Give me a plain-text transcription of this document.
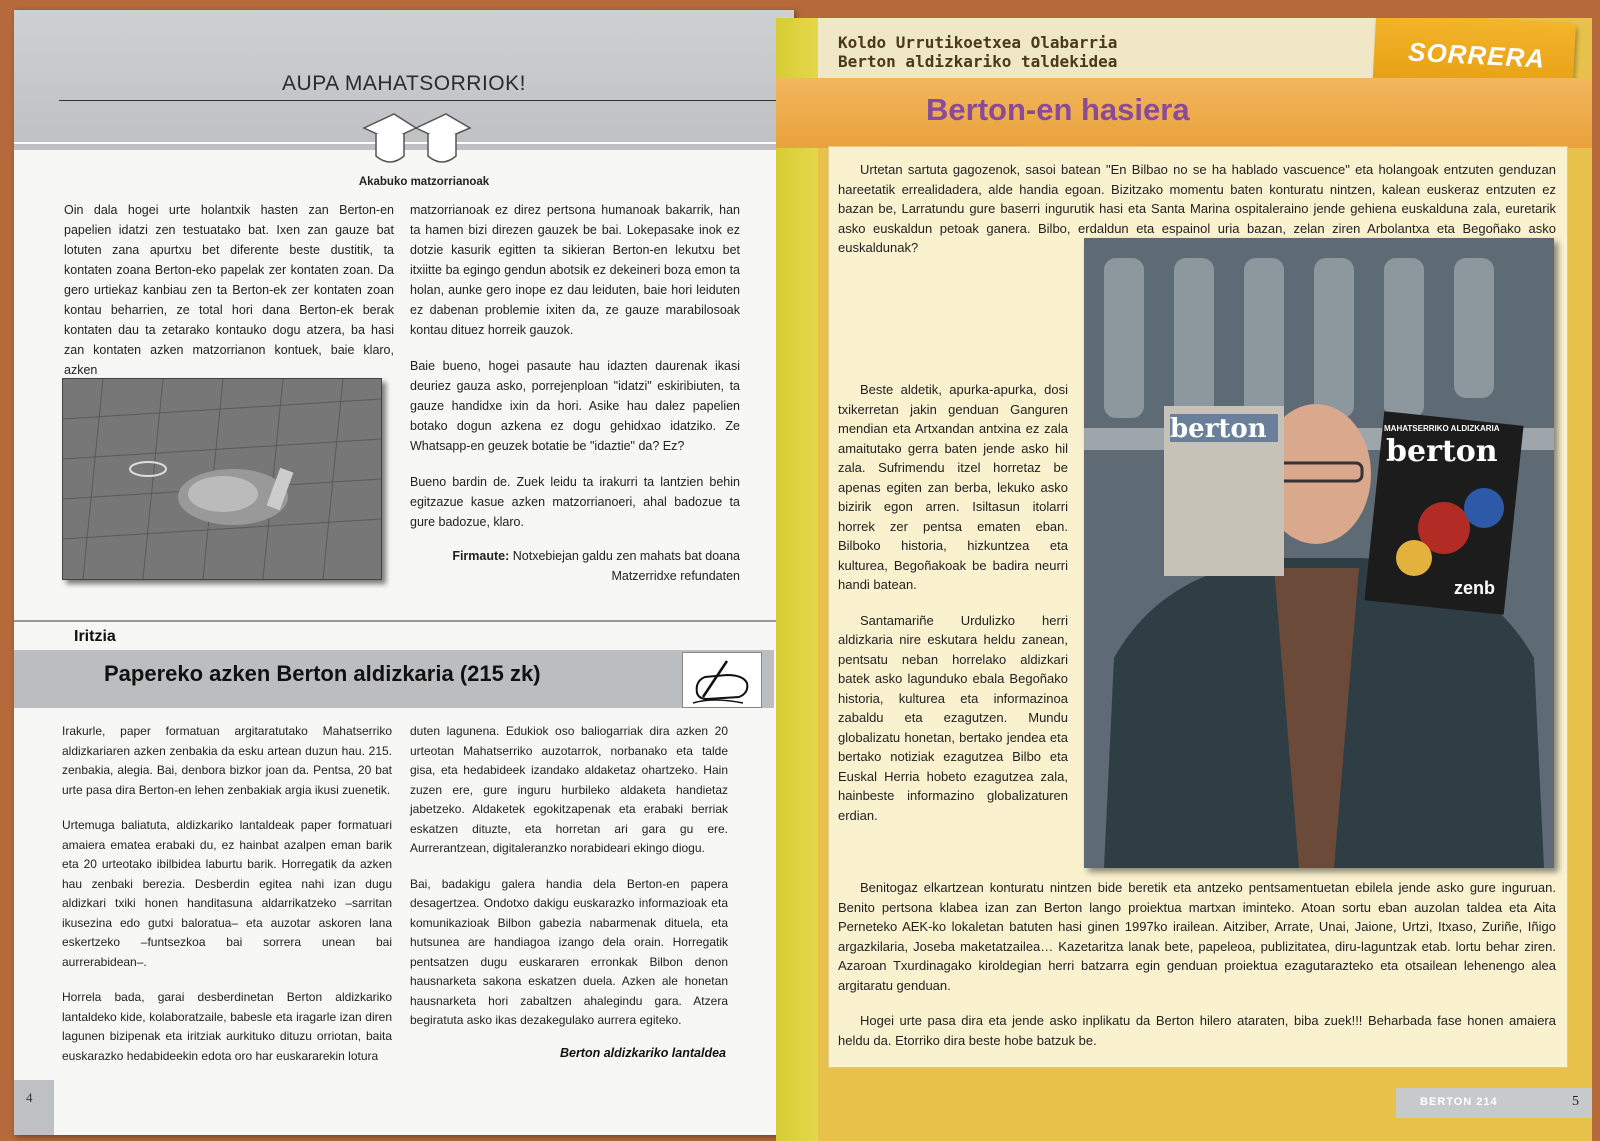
AUPA MAHATSORRIOK!
Akabuko matzorrianoak

Oin dala hogei urte holantxik hasten zan Berton-en papelien idatzi zen testuatako bat. Ixen zan gauze bat lotuten zana apurtxu bet diferente beste dustitik, ta kontaten zoana Berton-eko papelak zer kontaten zoan. Da gero urtiekaz kanbiau zen ta Berton-ek zer kontaten zoan kontau beharrien, ze total hori dana Berton-ek berak kontaten dau ta zetarako kontauko dogu atzera, ba hasi zan kontaten azken matzorrianon kontuek, baie klaro, azken

matzorrianoak ez direz pertsona humanoak bakarrik, han ta hamen bizi direzen gauzek be bai. Lokepasake inok ez dotzie kasurik egitten ta sikieran Berton-en lekutxu bet itxiitte ba egingo gendun abotsik ez dekeineri boza emon ta holan, aunke gero inope ez dau leiduten, baie hori leiduten ez dabenan problemie ixiten da, ze gauze marabilosoak kontau dituez horreik gauzok.

Baie bueno, hogei pasaute hau idazten daurenak ikasi deuriez gauza asko, porrejenploan "idatzi" eskiribiuten, ta gauze handidxe ixin da hori. Asike hau dalez papelien botako dogun azkena ez dogu gehidxao idatziko. Ze Whatsapp-en geuzek botatie be "idaztie" da? Ez?

Bueno bardin de. Zuek leidu ta irakurri ta lantzien behin egitzazue kasue azken matzorrianoeri, ahal badozue ta gure badozue, klaro.

Firmaute: Notxebiejan galdu zen mahats bat doana Matzerridxe refundaten
Iritzia
Papereko azken Berton aldizkaria (215 zk)

Irakurle, paper formatuan argitaratutako Mahatserriko aldizkariaren azken zenbakia da esku artean duzun hau. 215. zenbakia, alegia. Bai, denbora bizkor joan da. Pentsa, 20 bat urte pasa dira Berton-en lehen zenbakiak argia ikusi zuenetik.

Urtemuga baliatuta, aldizkariko lantaldeak paper formatuari amaiera ematea erabaki du, ez hainbat azalpen eman barik eta 20 urteotako ibilbidea laburtu barik. Horregatik da azken hau zenbaki berezia. Desberdin egitea nahi izan dugu aldizkari txiki honen handitasuna aldarrikatzeko –sarritan ikusezina edo gutxi baloratua– eta auzotar askoren lana eskertzeko –funtsezkoa bai sorrera unean bai aurrerabidean–.

Horrela bada, garai desberdinetan Berton aldizkariko lantaldeko kide, kolaboratzaile, babesle eta iragarle izan diren lagunen bizipenak eta iritziak aurkituko dituzu orriotan, baita euskarazko hedabideekin edota oro har euskararekin lotura

duten lagunena. Edukiok oso baliogarriak dira azken 20 urteotan Mahatserriko auzotarrok, norbanako eta talde gisa, eta hedabideek izandako aldaketaz ohartzeko. Hain zuzen ere, gure inguru hurbileko aldaketa handietaz jabetzeko. Aldaketek egokitzapenak eta erabaki berriak eskatzen dituzte, eta horretan ari gara gu ere. Aurrerantzean, digitaleranzko norabideari ekingo diogu.

Bai, badakigu galera handia dela Berton-en papera desagertzea. Ondotxo dakigu euskarazko informazioak eta komunikazioak Bilbon gabezia nabarmenak dituela, eta hutsunea are handiagoa izango dela orain. Horregatik pentsatzen dugu euskararen erronkak Bilbon denon hausnarketa sakona eskatzen duela. Azken ale honetan hausnarketa hori zabaltzen ahalegindu gara. Atzera begiratuta asko ikas dezakegulako aurrera egiteko.

Berton aldizkariko lantaldea
4
Koldo Urrutikoetxea Olabarria
Berton aldizkariko taldekidea	SORRERA
Berton-en hasiera

Urtetan sartuta gagozenok, sasoi batean "En Bilbao no se ha hablado vascuence" eta holangoak entzuten genduzan hareetatik errealidadera, alde handia egoan. Bizitzako momentu baten konturatu nintzen, kalean euskeraz entzuten ez bazan be, Larratundu gure baserri ingurutik hasi eta Santa Marina ospitaleraino jende gehiena euskalduna zala, euretarik asko euskaldun petoak ganera. Bilbo, erdaldun eta espainol uria bazan, zelan ziren Arbolantxa eta Begoñako asko euskaldunak?

berton	MAHATSERRIKO ALDIZKARIA
berton
zenb

Beste aldetik, apurka-apurka, dosi txikerretan jakin genduan Ganguren mendian eta Artxandan antxina ez zala amaitutako gerra baten jende asko hil zala. Sufrimendu itzel horretaz be apenas egiten zan berba, lekuko asko bizirik egon arren. Isiltasun itolarri horrek zer pentsa ematen eban. Bilboko historia, hizkuntzea eta kulturea, Begoñakoak be badira neurri handi batean.

Santamariñe Urdulizko herri aldizkaria nire eskutara heldu zanean, pentsatu neban horrelako aldizkari batek asko lagunduko ebala Begoñako historia, kulturea eta informazinoa zabaldu eta ezagutzen. Mundu globalizatu honetan, bertako jendea eta bertako notiziak ezagutzea Bilbo eta Euskal Herria hobeto ezagutzea zala, hainbeste informazino globalizaturen erdian.

Benitogaz elkartzean konturatu nintzen bide beretik eta antzeko pentsamentuetan ebilela jende asko gure inguruan. Benito pertsona klabea izan zan Berton lango proiektua martxan iminteko. Atoan sortu eban auzolan taldea eta Aita Perneteko AEK-ko lokaletan batuten hasi ginen 1997ko irailean. Aitziber, Arrate, Unai, Jaione, Urtzi, Itxaso, Zuriñe, Iñigo argazkilaria, Joseba maketatzailea… Kazetaritza lanak bete, papeleoa, publizitatea, diru-laguntzak etab. lortu behar ziren. Azaroan Txurdinagako kiroldegian herri batzarra egin genduan proiektua ezagutarazteko eta otsailean lehenengo alea argitaratu genduan.

Hogei urte pasa dira eta jende asko inplikatu da Berton hilero ataraten, biba zuek!!! Beharbada fase honen amaiera heldu da. Etorriko dira beste hobe batzuk be.

BERTON 214	5
